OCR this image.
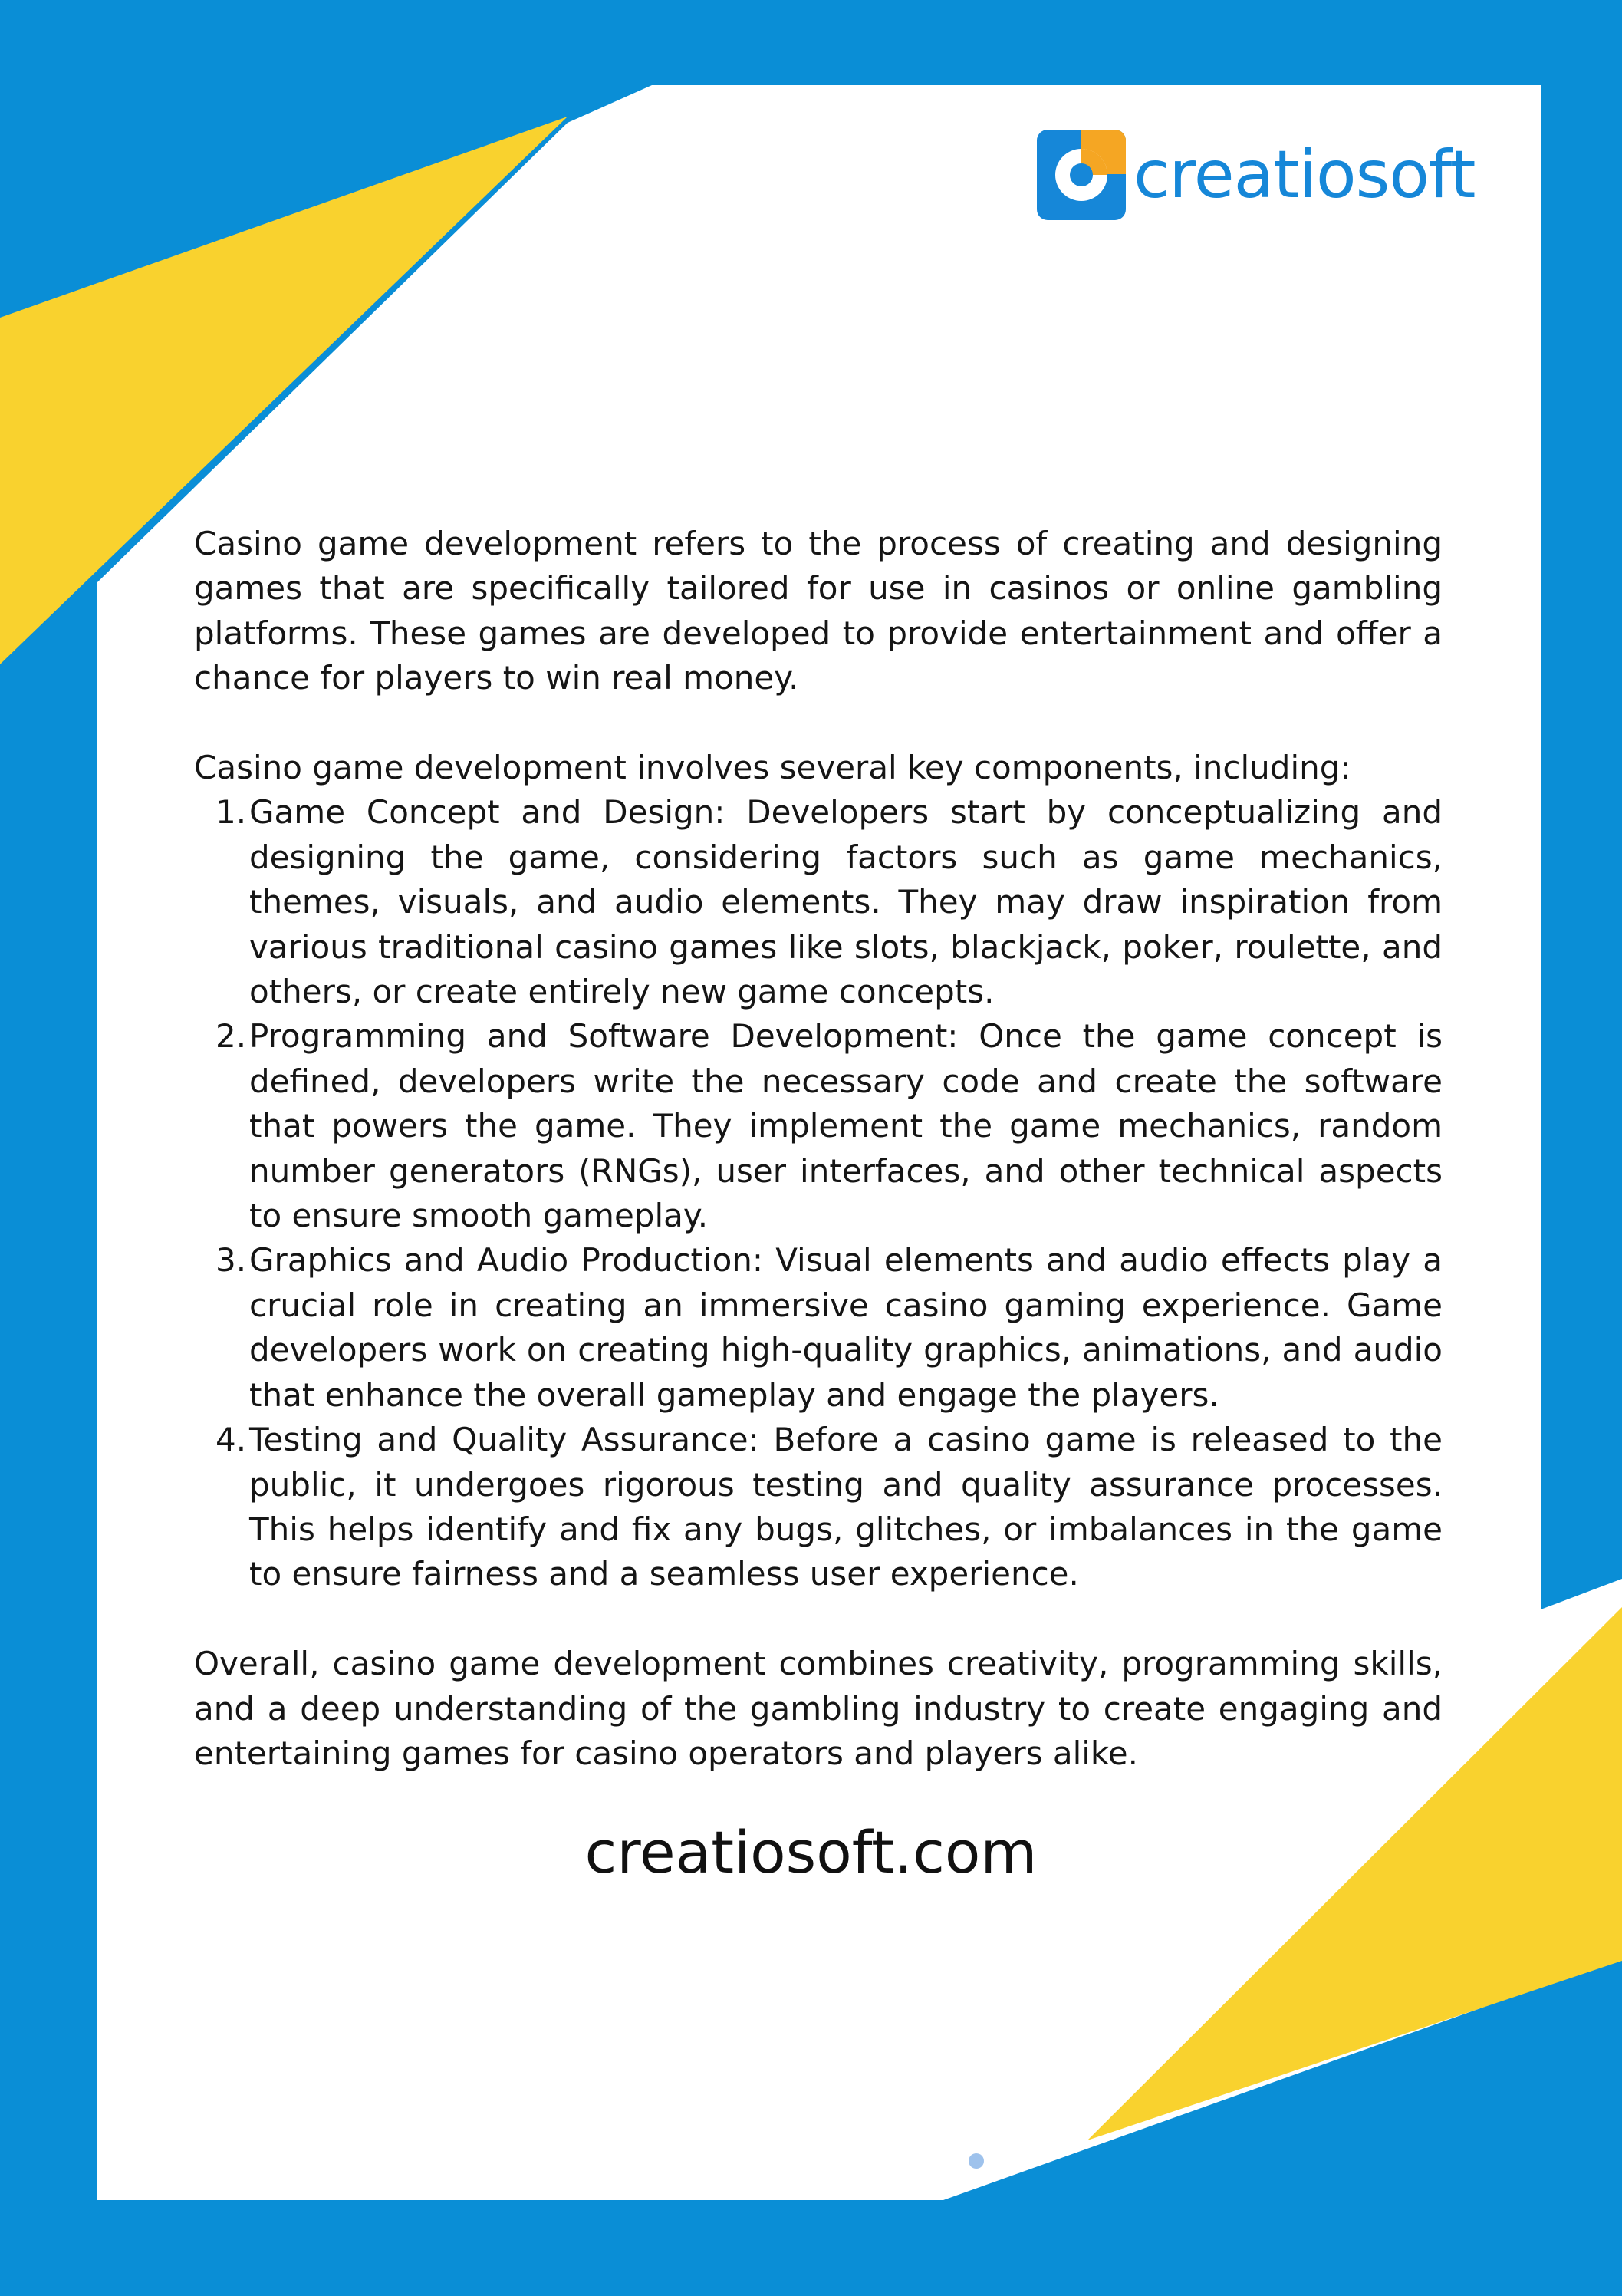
creatiosoft

Casino game development refers to the process of creating and designing games that are specifically tailored for use in casinos or online gambling platforms. These games are developed to provide entertainment and offer a chance for players to win real money.

Casino game development involves several key components, including:

1. Game Concept and Design: Developers start by conceptualizing and designing the game, considering factors such as game mechanics, themes, visuals, and audio elements. They may draw inspiration from various traditional casino games like slots, blackjack, poker, roulette, and others, or create entirely new game concepts.
2. Programming and Software Development: Once the game concept is defined, developers write the necessary code and create the software that powers the game. They implement the game mechanics, random number generators (RNGs), user interfaces, and other technical aspects to ensure smooth gameplay.
3. Graphics and Audio Production: Visual elements and audio effects play a crucial role in creating an immersive casino gaming experience. Game developers work on creating high-quality graphics, animations, and audio that enhance the overall gameplay and engage the players.
4. Testing and Quality Assurance: Before a casino game is released to the public, it undergoes rigorous testing and quality assurance processes. This helps identify and fix any bugs, glitches, or imbalances in the game to ensure fairness and a seamless user experience.

Overall, casino game development combines creativity, programming skills, and a deep understanding of the gambling industry to create engaging and entertaining games for casino operators and players alike.

creatiosoft.com
